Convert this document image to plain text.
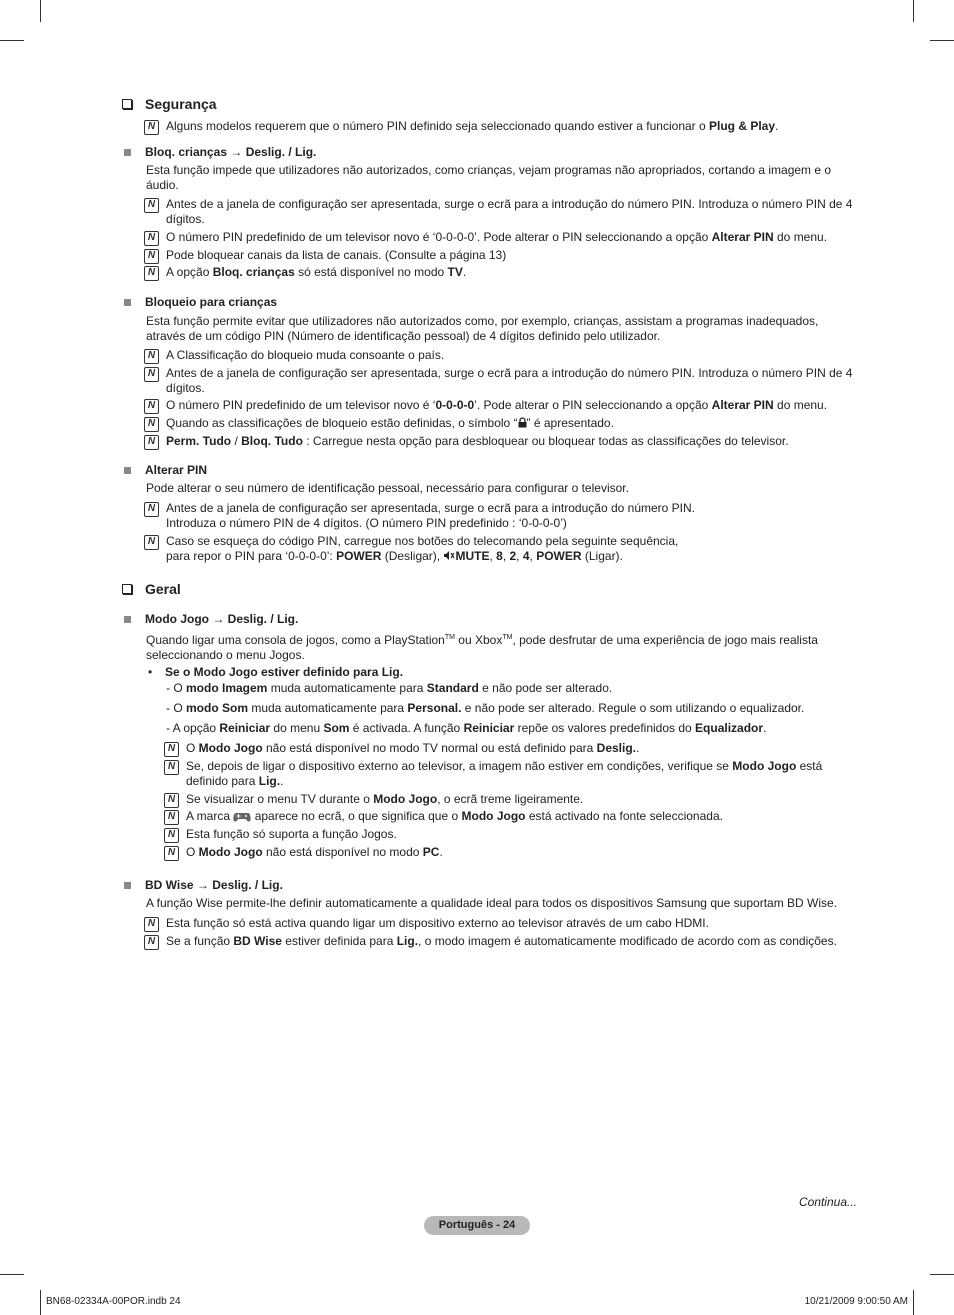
Segurança
N Alguns modelos requerem que o número PIN definido seja seleccionado quando estiver a funcionar o Plug & Play.
Bloq. crianças → Deslig. / Lig.
Esta função impede que utilizadores não autorizados, como crianças, vejam programas não apropriados, cortando a imagem e o áudio.
N Antes de a janela de configuração ser apresentada, surge o ecrã para a introdução do número PIN. Introduza o número PIN de 4 dígitos.
N O número PIN predefinido de um televisor novo é ‘0-0-0-0’. Pode alterar o PIN seleccionando a opção Alterar PIN do menu.
N Pode bloquear canais da lista de canais. (Consulte a página 13)
N A opção Bloq. crianças só está disponível no modo TV.
Bloqueio para crianças
Esta função permite evitar que utilizadores não autorizados como, por exemplo, crianças, assistam a programas inadequados, através de um código PIN (Número de identificação pessoal) de 4 dígitos definido pelo utilizador.
N A Classificação do bloqueio muda consoante o país.
N Antes de a janela de configuração ser apresentada, surge o ecrã para a introdução do número PIN. Introduza o número PIN de 4 dígitos.
N O número PIN predefinido de um televisor novo é ‘0-0-0-0’. Pode alterar o PIN seleccionando a opção Alterar PIN do menu.
N Quando as classificações de bloqueio estão definidas, o símbolo “ ” é apresentado.
N Perm. Tudo / Bloq. Tudo : Carregue nesta opção para desbloquear ou bloquear todas as classificações do televisor.
Alterar PIN
Pode alterar o seu número de identificação pessoal, necessário para configurar o televisor.
N Antes de a janela de configuração ser apresentada, surge o ecrã para a introdução do número PIN.
Introduza o número PIN de 4 dígitos. (O número PIN predefinido : ‘0-0-0-0’)
N Caso se esqueça do código PIN, carregue nos botões do telecomando pela seguinte sequência,
para repor o PIN para ‘0-0-0-0’: POWER (Desligar), MUTE, 8, 2, 4, POWER (Ligar).
Geral
Modo Jogo → Deslig. / Lig.
Quando ligar uma consola de jogos, como a PlayStation™ ou Xbox™, pode desfrutar de uma experiência de jogo mais realista seleccionando o menu Jogos.
•	Se o Modo Jogo estiver definido para Lig.
- O modo Imagem muda automaticamente para Standard e não pode ser alterado.
- O modo Som muda automaticamente para Personal. e não pode ser alterado. Regule o som utilizando o equalizador.
- A opção Reiniciar do menu Som é activada. A função Reiniciar repõe os valores predefinidos do Equalizador.
N O Modo Jogo não está disponível no modo TV normal ou está definido para Deslig..
N Se, depois de ligar o dispositivo externo ao televisor, a imagem não estiver em condições, verifique se Modo Jogo está definido para Lig..
N Se visualizar o menu TV durante o Modo Jogo, o ecrã treme ligeiramente.
N A marca  aparece no ecrã, o que significa que o Modo Jogo está activado na fonte seleccionada.
N Esta função só suporta a função Jogos.
N O Modo Jogo não está disponível no modo PC.
BD Wise → Deslig. / Lig.
A função Wise permite-lhe definir automaticamente a qualidade ideal para todos os dispositivos Samsung que suportam BD Wise.
N Esta função só está activa quando ligar um dispositivo externo ao televisor através de um cabo HDMI.
N Se a função BD Wise estiver definida para Lig., o modo imagem é automaticamente modificado de acordo com as condições.
Continua...
Português - 24
BN68-02334A-00POR.indb 24	10/21/2009 9:00:50 AM
